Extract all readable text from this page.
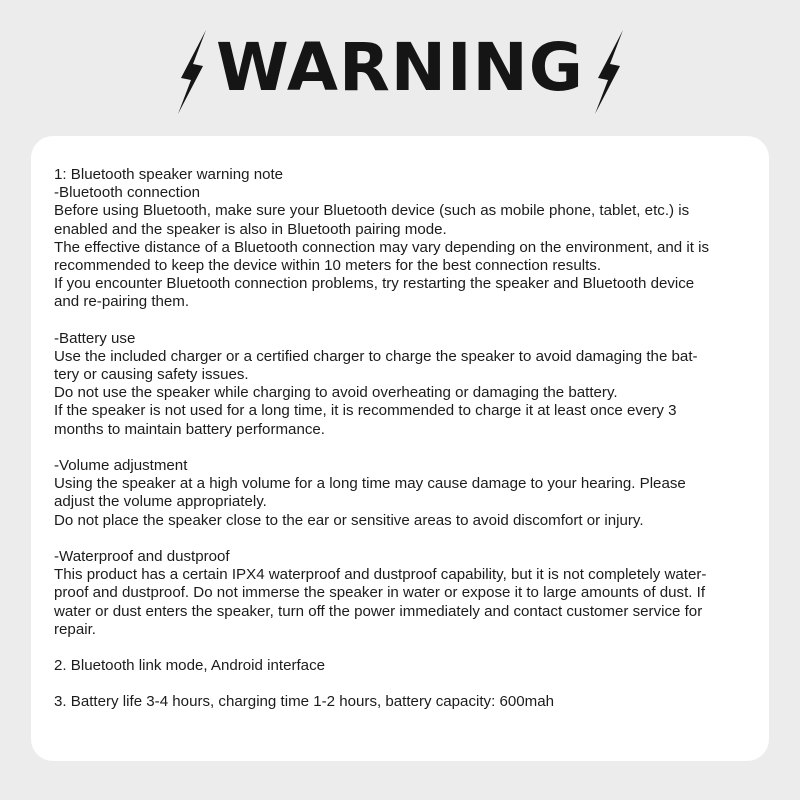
WARNING
1: Bluetooth speaker warning note
-Bluetooth connection
Before using Bluetooth, make sure your Bluetooth device (such as mobile phone, tablet, etc.) is
enabled and the speaker is also in Bluetooth pairing mode.
The effective distance of a Bluetooth connection may vary depending on the environment, and it is
recommended to keep the device within 10 meters for the best connection results.
If you encounter Bluetooth connection problems, try restarting the speaker and Bluetooth device
and re-pairing them.
-Battery use
Use the included charger or a certified charger to charge the speaker to avoid damaging the bat-
tery or causing safety issues.
Do not use the speaker while charging to avoid overheating or damaging the battery.
If the speaker is not used for a long time, it is recommended to charge it at least once every 3
months to maintain battery performance.
-Volume adjustment
Using the speaker at a high volume for a long time may cause damage to your hearing. Please
adjust the volume appropriately.
Do not place the speaker close to the ear or sensitive areas to avoid discomfort or injury.
-Waterproof and dustproof
This product has a certain IPX4 waterproof and dustproof capability, but it is not completely water-
proof and dustproof. Do not immerse the speaker in water or expose it to large amounts of dust. If
water or dust enters the speaker, turn off the power immediately and contact customer service for
repair.
2. Bluetooth link mode, Android interface
3. Battery life 3-4 hours, charging time 1-2 hours, battery capacity: 600mah
